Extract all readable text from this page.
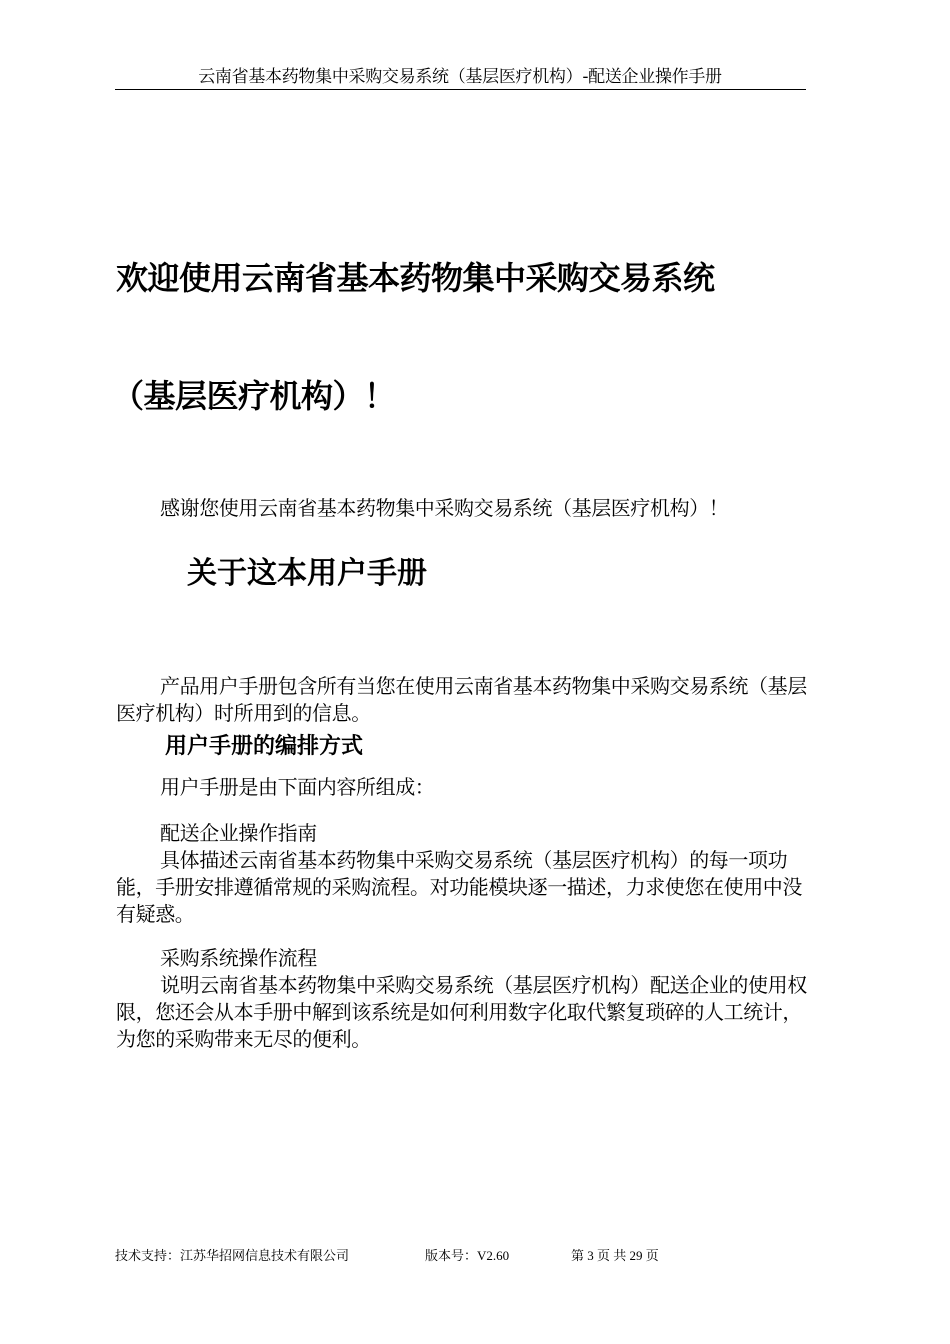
云南省基本药物集中采购交易系统（基层医疗机构）-配送企业操作手册
欢迎使用云南省基本药物集中采购交易系统
（基层医疗机构）！
感谢您使用云南省基本药物集中采购交易系统（基层医疗机构）！
关于这本用户手册
产品用户手册包含所有当您在使用云南省基本药物集中采购交易系统（基层医疗机构）时所用到的信息。
用户手册的编排方式
用户手册是由下面内容所组成：
配送企业操作指南
具体描述云南省基本药物集中采购交易系统（基层医疗机构）的每一项功能，手册安排遵循常规的采购流程。对功能模块逐一描述，力求使您在使用中没有疑惑。
采购系统操作流程
说明云南省基本药物集中采购交易系统（基层医疗机构）配送企业的使用权限，您还会从本手册中解到该系统是如何利用数字化取代繁复琐碎的人工统计，为您的采购带来无尽的便利。
技术支持：江苏华招网信息技术有限公司	版本号：V2.60	第 3 页 共 29 页
